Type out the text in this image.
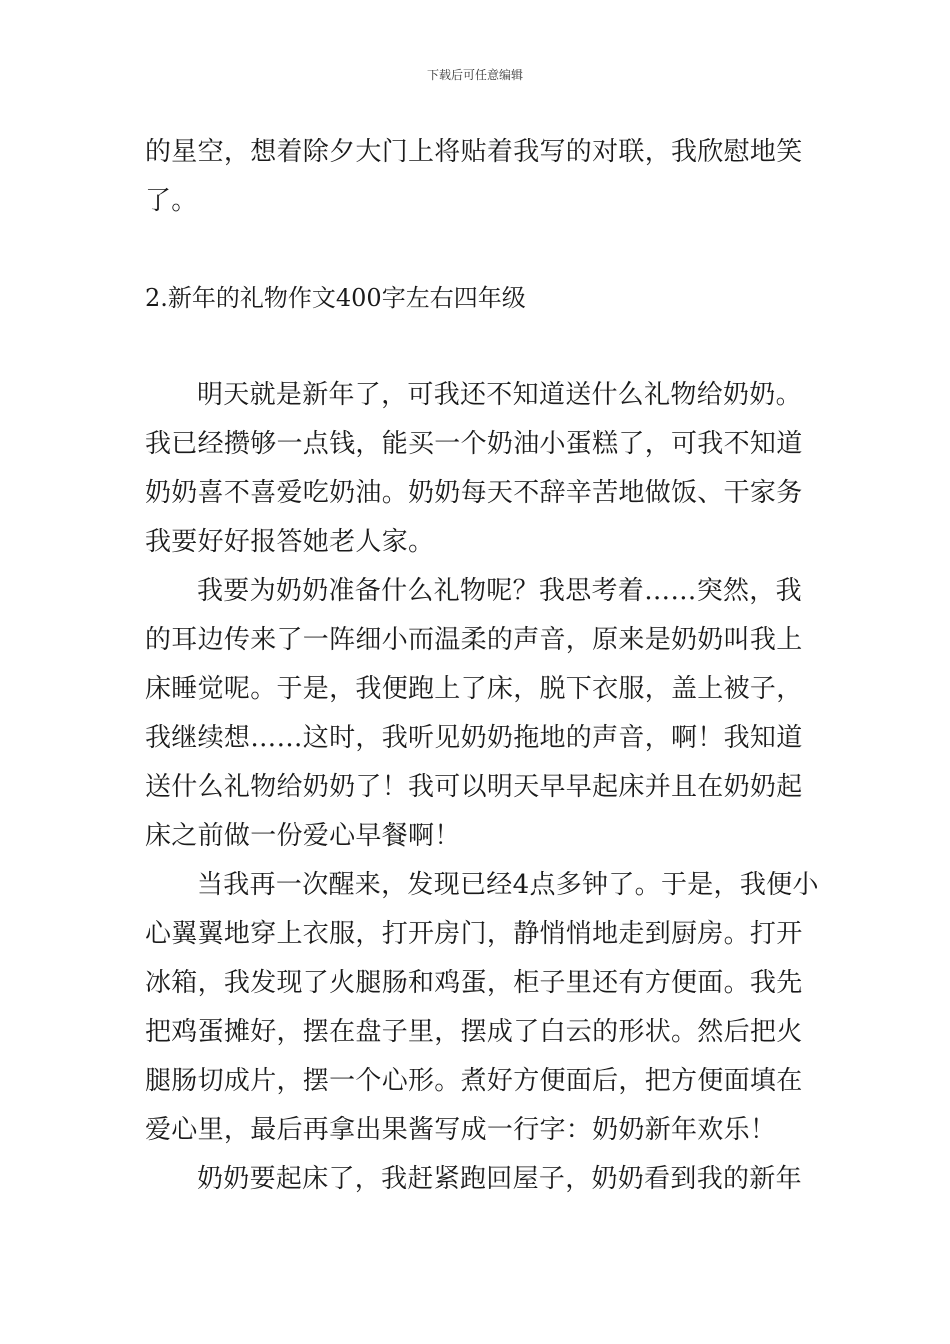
下载后可任意编辑
的星空，想着除夕大门上将贴着我写的对联，我欣慰地笑
了。
2.新年的礼物作文400字左右四年级
明天就是新年了，可我还不知道送什么礼物给奶奶。
我已经攒够一点钱，能买一个奶油小蛋糕了，可我不知道
奶奶喜不喜爱吃奶油。奶奶每天不辞辛苦地做饭、干家务
我要好好报答她老人家。
我要为奶奶准备什么礼物呢？我思考着……突然，我
的耳边传来了一阵细小而温柔的声音，原来是奶奶叫我上
床睡觉呢。于是，我便跑上了床，脱下衣服，盖上被子，
我继续想……这时，我听见奶奶拖地的声音，啊！我知道
送什么礼物给奶奶了！我可以明天早早起床并且在奶奶起
床之前做一份爱心早餐啊！
当我再一次醒来，发现已经4点多钟了。于是，我便小
心翼翼地穿上衣服，打开房门，静悄悄地走到厨房。打开
冰箱，我发现了火腿肠和鸡蛋，柜子里还有方便面。我先
把鸡蛋摊好，摆在盘子里，摆成了白云的形状。然后把火
腿肠切成片，摆一个心形。煮好方便面后，把方便面填在
爱心里，最后再拿出果酱写成一行字：奶奶新年欢乐！
奶奶要起床了，我赶紧跑回屋子，奶奶看到我的新年
